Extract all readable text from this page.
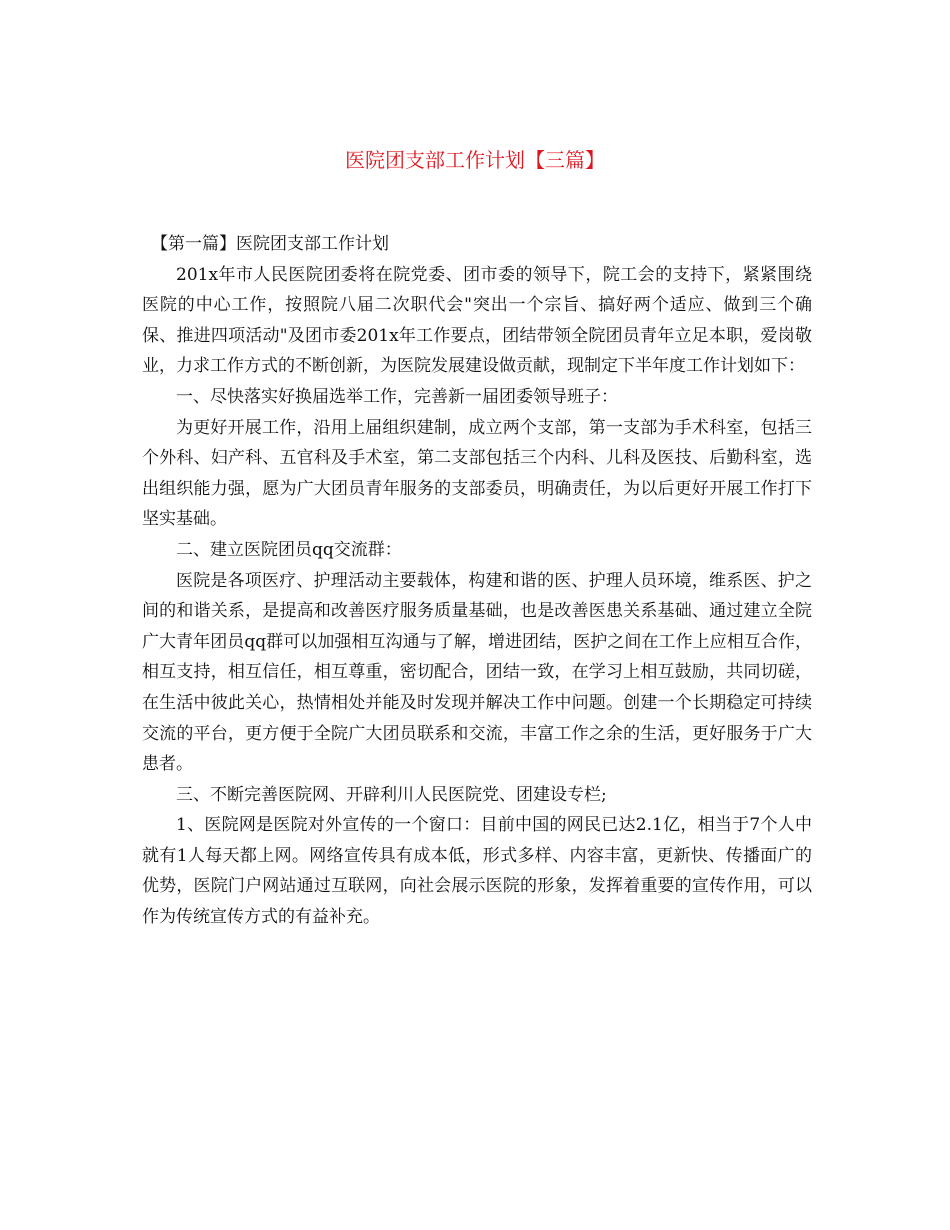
医院团支部工作计划【三篇】

【第一篇】医院团支部工作计划

201x年市人民医院团委将在院党委、团市委的领导下，院工会的支持下，紧紧围绕医院的中心工作，按照院八届二次职代会"突出一个宗旨、搞好两个适应、做到三个确保、推进四项活动"及团市委201x年工作要点，团结带领全院团员青年立足本职，爱岗敬业，力求工作方式的不断创新，为医院发展建设做贡献，现制定下半年度工作计划如下：

一、尽快落实好换届选举工作，完善新一届团委领导班子：

为更好开展工作，沿用上届组织建制，成立两个支部，第一支部为手术科室，包括三个外科、妇产科、五官科及手术室，第二支部包括三个内科、儿科及医技、后勤科室，选出组织能力强，愿为广大团员青年服务的支部委员，明确责任，为以后更好开展工作打下坚实基础。

二、建立医院团员qq交流群：

医院是各项医疗、护理活动主要载体，构建和谐的医、护理人员环境，维系医、护之间的和谐关系，是提高和改善医疗服务质量基础，也是改善医患关系基础、通过建立全院广大青年团员qq群可以加强相互沟通与了解，增进团结，医护之间在工作上应相互合作，相互支持，相互信任，相互尊重，密切配合，团结一致，在学习上相互鼓励，共同切磋，在生活中彼此关心，热情相处并能及时发现并解决工作中问题。创建一个长期稳定可持续交流的平台，更方便于全院广大团员联系和交流，丰富工作之余的生活，更好服务于广大患者。

三、不断完善医院网、开辟利川人民医院党、团建设专栏;

1、医院网是医院对外宣传的一个窗口：目前中国的网民已达2.1亿，相当于7个人中就有1人每天都上网。网络宣传具有成本低，形式多样、内容丰富，更新快、传播面广的优势，医院门户网站通过互联网，向社会展示医院的形象，发挥着重要的宣传作用，可以作为传统宣传方式的有益补充。
